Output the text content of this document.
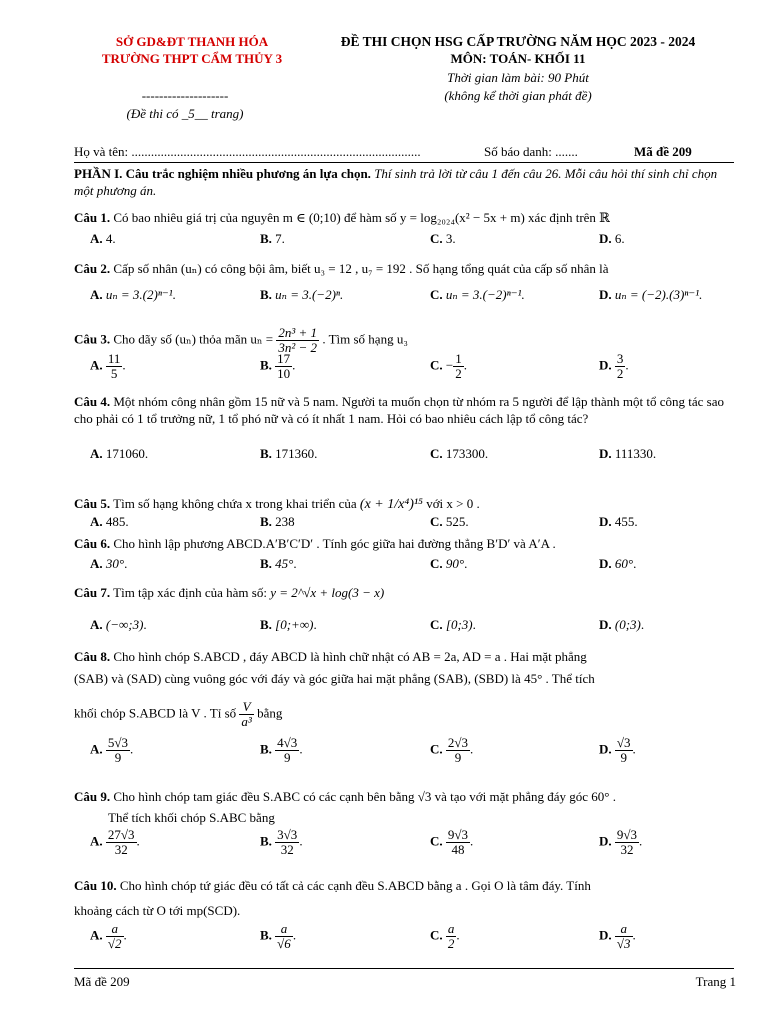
SỞ GD&ĐT THANH HÓA
TRƯỜNG THPT CẨM THỦY 3
--------------------
(Đề thi có _5__ trang)
ĐỀ THI CHỌN HSG CẤP TRƯỜNG NĂM HỌC 2023 - 2024
MÔN: TOÁN- KHỐI 11
Thời gian làm bài: 90 Phút
(không kể thời gian phát đề)
Họ và tên: .........................................................................................	Số báo danh: .......	Mã đề 209
PHẦN I. Câu trắc nghiệm nhiều phương án lựa chọn. Thí sinh trả lời từ câu 1 đến câu 26. Mỗi câu hỏi thí sinh chỉ chọn một phương án.
Câu 1. Có bao nhiêu giá trị của nguyên m ∈ (0;10) để hàm số y = log₂₀₂₄(x² − 5x + m) xác định trên ℝ
A. 4.	B. 7.	C. 3.	D. 6.
Câu 2. Cấp số nhân (uₙ) có công bội âm, biết u₃ = 12 , u₇ = 192 . Số hạng tổng quát của cấp số nhân là
A. uₙ = 3.(2)ⁿ⁻¹.	B. uₙ = 3.(−2)ⁿ.	C. uₙ = 3.(−2)ⁿ⁻¹.	D. uₙ = (−2).(3)ⁿ⁻¹.
Câu 3. Cho dãy số (uₙ) thỏa mãn $u_n = \frac{\text{2n³ + 1}}{\text{3n² − 2}}$ . Tìm số hạng u₃
A. $\frac{11}{5}$ .	B. $\frac{17}{10}$ .	C. − $\frac{1}{2}$ .	D. $\frac{3}{2}$ .
Câu 4. Một nhóm công nhân gồm 15 nữ và 5 nam. Người ta muốn chọn từ nhóm ra 5 người để lập thành một tổ công tác sao cho phải có 1 tổ trưởng nữ, 1 tổ phó nữ và có ít nhất 1 nam. Hỏi có bao nhiêu cách lập tổ công tác?
A. 171060.	B. 171360.	C. 173300.	D. 111330.
Câu 5. Tìm số hạng không chứa x trong khai triển của (x + 1/x⁴)¹⁵ với x > 0 .
A. 485.	B. 238	C. 525.	D. 455.
Câu 6. Cho hình lập phương ABCD.A′B′C′D′ . Tính góc giữa hai đường thẳng B′D′ và A′A .
A. 30°.	B. 45°.	C. 90°.	D. 60°.
Câu 7. Tìm tập xác định của hàm số: y = 2^√x + log(3 − x)
A. (−∞;3).	B. [0;+∞).	C. [0;3).	D. (0;3).
Câu 8. Cho hình chóp S.ABCD , đáy ABCD là hình chữ nhật có AB = 2a, AD = a . Hai mặt phẳng
(SAB) và (SAD) cùng vuông góc với đáy và góc giữa hai mặt phẳng (SAB), (SBD) là 45° . Thể tích
khối chóp S.ABCD là V . Tỉ số $\frac{V}{\text{a³}}$ bằng
A. $\frac{5√3}{9}$ .	B. $\frac{4√3}{9}$ .	C. $\frac{2√3}{9}$ .	D. $\frac{√3}{9}$ .
Câu 9. Cho hình chóp tam giác đều S.ABC có các cạnh bên bằng √3 và tạo với mặt phẳng đáy góc 60° .
Thể tích khối chóp S.ABC bằng
A. $\frac{27√3}{32}$ .	B. $\frac{3√3}{32}$ .	C. $\frac{9√3}{48}$ .	D. $\frac{9√3}{32}$ .
Câu 10. Cho hình chóp tứ giác đều có tất cả các cạnh đều S.ABCD bằng a . Gọi O là tâm đáy. Tính
khoảng cách từ O tới mp(SCD).
A. $\frac{a}{√2}$ .	B. $\frac{a}{√6}$ .	C. $\frac{a}{2}$ .	D. $\frac{a}{√3}$ .
Mã đề 209	Trang 1
